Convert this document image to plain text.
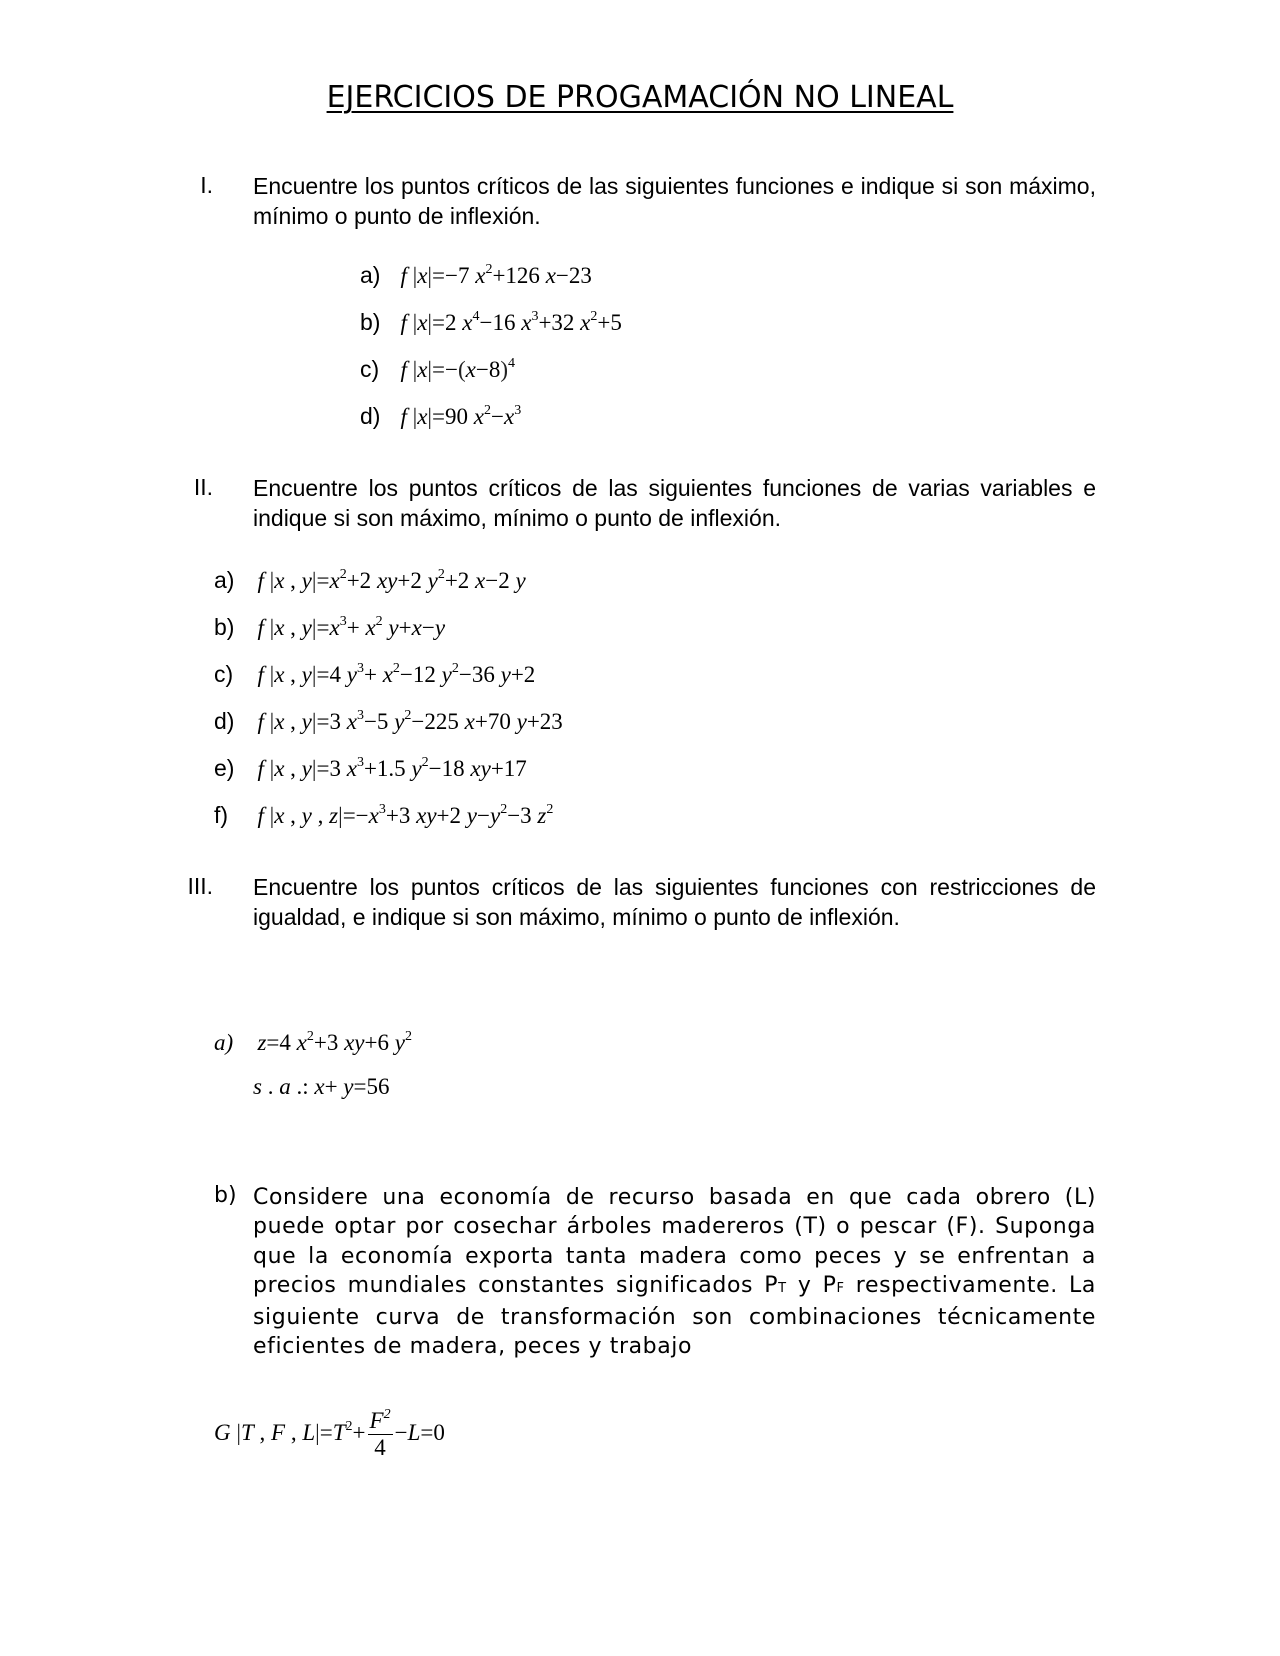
EJERCICIOS DE PROGAMACIÓN NO LINEAL
I. Encuentre los puntos críticos de las siguientes funciones e indique si son máximo, mínimo o punto de inflexión.
a) f |x|=−7 $x^2+126$ x−23
b) f |x|=2 $x^4-16$ $x^3+32$ $x^2+5$
c) f $|x|=-(x-8)^4$
d) f |x|=90 $x^2-x^3$
II. Encuentre los puntos críticos de las siguientes funciones de varias variables e indique si son máximo, mínimo o punto de inflexión.
a) f |x , $y|=x^2+2$ xy+2 $y^2+2$ x−2 y
b) f |x , $y|=x^3+ x^2$ y+x−y
c) f |x , y|=4 $y^3+ x^2-12$ $y^2-36$ y+2
d) f |x , y|=3 $x^3-5$ $y^2-225$ x+70 y+23
e) f |x , y|=3 $x^3+1.5$ $y^2-18$ xy+17
f) f |x , y , $z|=-x^3+3$ xy+2 $y-y^2-3$ $z^2$
III. Encuentre los puntos críticos de las siguientes funciones con restricciones de igualdad, e indique si son máximo, mínimo o punto de inflexión.
a) z=4 $x^2+3$ xy+6 $y^2$
s . a .: x+ y=56
b) Considere una economía de recurso basada en que cada obrero (L) puede optar por cosechar árboles madereros (T) o pescar (F). Suponga que la economía exporta tanta madera como peces y se enfrentan a precios mundiales constantes significados PT y PF respectivamente. La siguiente curva de transformación son combinaciones técnicamente eficientes de madera, peces y trabajo
G |T , F , $L|=T^2+ \frac{F^2}{4} -L=0$
